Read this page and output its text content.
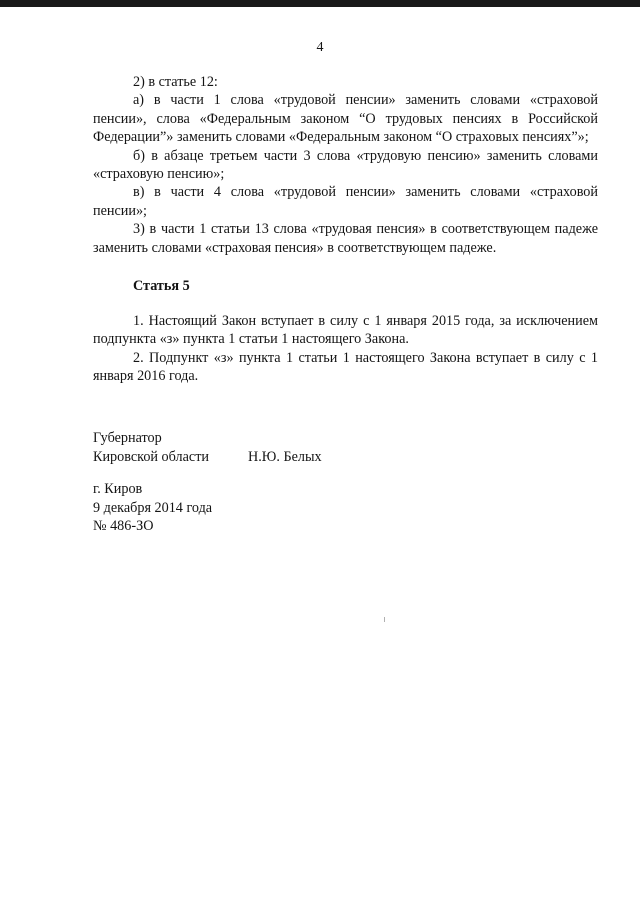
4

2) в статье 12:

а) в части 1 слова «трудовой пенсии» заменить словами «страховой пенсии», слова «Федеральным законом “О трудовых пенсиях в Российской Федерации”» заменить словами «Федеральным законом “О страховых пенсиях”»;

б) в абзаце третьем части 3 слова «трудовую пенсию» заменить словами «страховую пенсию»;

в) в части 4 слова «трудовой пенсии» заменить словами «страховой пенсии»;

3) в части 1 статьи 13 слова «трудовая пенсия» в соответствующем падеже заменить словами «страховая пенсия» в соответствующем падеже.

Статья 5

1. Настоящий Закон вступает в силу с 1 января 2015 года, за исключением подпункта «з» пункта 1 статьи 1 настоящего Закона.

2. Подпункт «з» пункта 1 статьи 1 настоящего Закона вступает в силу с 1 января 2016 года.

Губернатор
Кировской области	Н.Ю. Белых
г. Киров
9 декабря 2014 года
№ 486-ЗО
